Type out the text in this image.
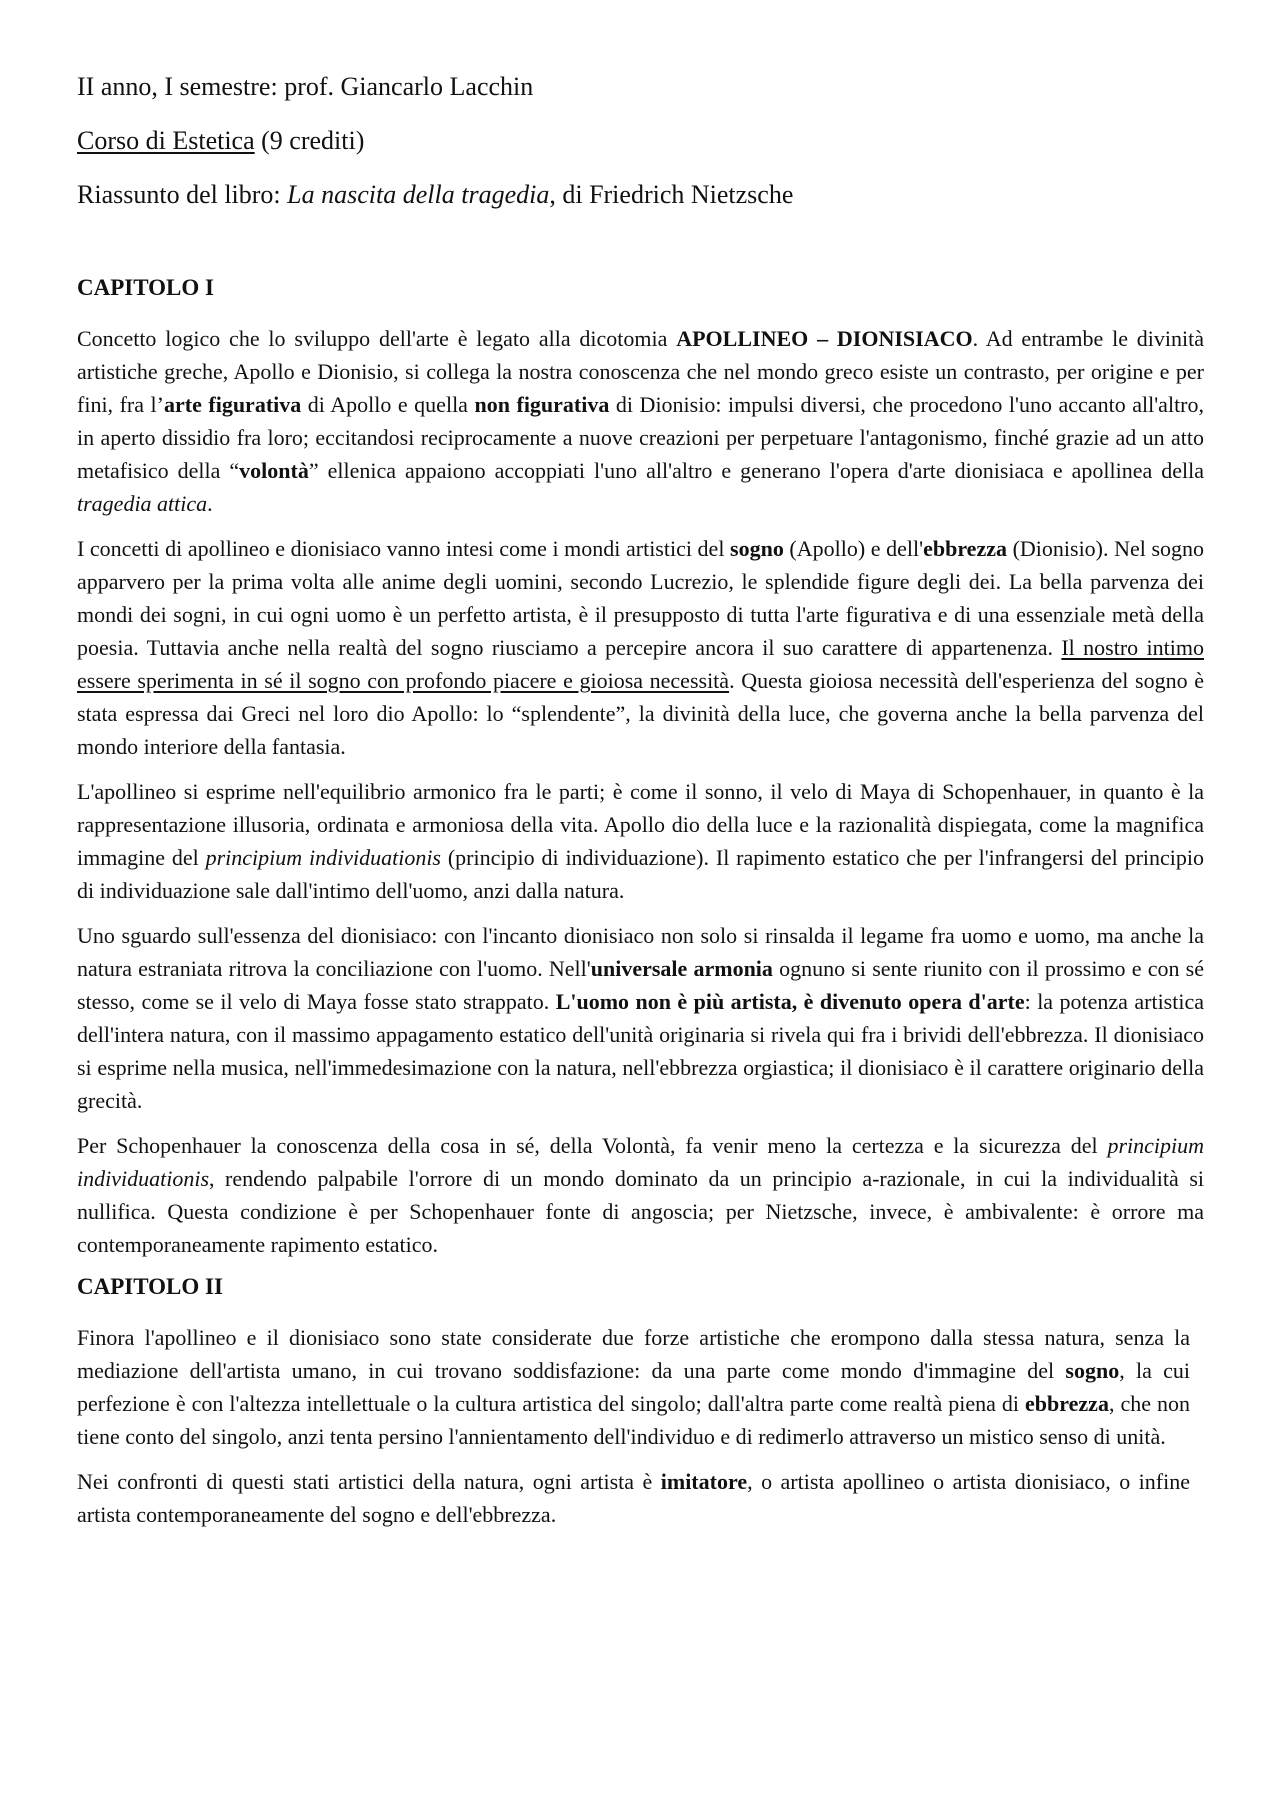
II anno, I semestre: prof. Giancarlo Lacchin
Corso di Estetica (9 crediti)
Riassunto del libro: La nascita della tragedia, di Friedrich Nietzsche
CAPITOLO I

Concetto logico che lo sviluppo dell'arte è legato alla dicotomia APOLLINEO – DIONISIACO. Ad entrambe le divinità artistiche greche, Apollo e Dionisio, si collega la nostra conoscenza che nel mondo greco esiste un contrasto, per origine e per fini, fra l’arte figurativa di Apollo e quella non figurativa di Dionisio: impulsi diversi, che procedono l'uno accanto all'altro, in aperto dissidio fra loro; eccitandosi reciprocamente a nuove creazioni per perpetuare l'antagonismo, finché grazie ad un atto metafisico della “volontà” ellenica appaiono accoppiati l'uno all'altro e generano l'opera d'arte dionisiaca e apollinea della tragedia attica.

I concetti di apollineo e dionisiaco vanno intesi come i mondi artistici del sogno (Apollo) e dell'ebbrezza (Dionisio). Nel sogno apparvero per la prima volta alle anime degli uomini, secondo Lucrezio, le splendide figure degli dei. La bella parvenza dei mondi dei sogni, in cui ogni uomo è un perfetto artista, è il presupposto di tutta l'arte figurativa e di una essenziale metà della poesia. Tuttavia anche nella realtà del sogno riusciamo a percepire ancora il suo carattere di appartenenza. Il nostro intimo essere sperimenta in sé il sogno con profondo piacere e gioiosa necessità. Questa gioiosa necessità dell'esperienza del sogno è stata espressa dai Greci nel loro dio Apollo: lo “splendente”, la divinità della luce, che governa anche la bella parvenza del mondo interiore della fantasia.

L'apollineo si esprime nell'equilibrio armonico fra le parti; è come il sonno, il velo di Maya di Schopenhauer, in quanto è la rappresentazione illusoria, ordinata e armoniosa della vita. Apollo dio della luce e la razionalità dispiegata, come la magnifica immagine del principium individuationis (principio di individuazione). Il rapimento estatico che per l'infrangersi del principio di individuazione sale dall'intimo dell'uomo, anzi dalla natura.

Uno sguardo sull'essenza del dionisiaco: con l'incanto dionisiaco non solo si rinsalda il legame fra uomo e uomo, ma anche la natura estraniata ritrova la conciliazione con l'uomo. Nell'universale armonia ognuno si sente riunito con il prossimo e con sé stesso, come se il velo di Maya fosse stato strappato. L'uomo non è più artista, è divenuto opera d'arte: la potenza artistica dell'intera natura, con il massimo appagamento estatico dell'unità originaria si rivela qui fra i brividi dell'ebbrezza. Il dionisiaco si esprime nella musica, nell'immedesimazione con la natura, nell'ebbrezza orgiastica; il dionisiaco è il carattere originario della grecità.

Per Schopenhauer la conoscenza della cosa in sé, della Volontà, fa venir meno la certezza e la sicurezza del principium individuationis, rendendo palpabile l'orrore di un mondo dominato da un principio a-razionale, in cui la individualità si nullifica. Questa condizione è per Schopenhauer fonte di angoscia; per Nietzsche, invece, è ambivalente: è orrore ma contemporaneamente rapimento estatico.

CAPITOLO II

Finora l'apollineo e il dionisiaco sono state considerate due forze artistiche che erompono dalla stessa natura, senza la mediazione dell'artista umano, in cui trovano soddisfazione: da una parte come mondo d'immagine del sogno, la cui perfezione è con l'altezza intellettuale o la cultura artistica del singolo; dall'altra parte come realtà piena di ebbrezza, che non tiene conto del singolo, anzi tenta persino l'annientamento dell'individuo e di redimerlo attraverso un mistico senso di unità.

Nei confronti di questi stati artistici della natura, ogni artista è imitatore, o artista apollineo o artista dionisiaco, o infine artista contemporaneamente del sogno e dell'ebbrezza.
